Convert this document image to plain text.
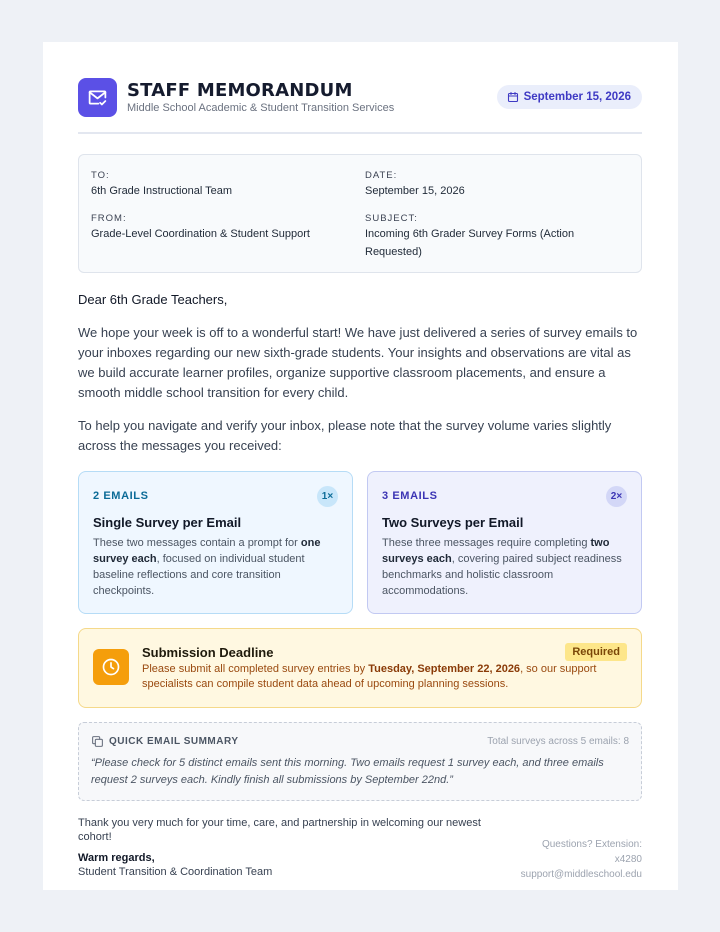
STAFF MEMORANDUM
Middle School Academic & Student Transition Services
September 15, 2026
TO:
6th Grade Instructional Team
DATE:
September 15, 2026
FROM:
Grade-Level Coordination & Student Support
SUBJECT:
Incoming 6th Grader Survey Forms (Action Requested)
Dear 6th Grade Teachers,
We hope your week is off to a wonderful start! We have just delivered a series of survey emails to your inboxes regarding our new sixth-grade students. Your insights and observations are vital as we build accurate learner profiles, organize supportive classroom placements, and ensure a smooth middle school transition for every child.
To help you navigate and verify your inbox, please note that the survey volume varies slightly across the messages you received:
2 EMAILS	1×
Single Survey per Email
These two messages contain a prompt for one survey each, focused on individual student baseline reflections and core transition checkpoints.
3 EMAILS	2×
Two Surveys per Email
These three messages require completing two surveys each, covering paired subject readiness benchmarks and holistic classroom accommodations.
Submission Deadline	Required
Please submit all completed survey entries by Tuesday, September 22, 2026, so our support specialists can compile student data ahead of upcoming planning sessions.
QUICK EMAIL SUMMARY	Total surveys across 5 emails: 8
“Please check for 5 distinct emails sent this morning. Two emails request 1 survey each, and three emails request 2 surveys each. Kindly finish all submissions by September 22nd.”
Thank you very much for your time, care, and partnership in welcoming our newest cohort!
Warm regards,
Student Transition & Coordination Team
Questions? Extension: x4280
support@middleschool.edu
